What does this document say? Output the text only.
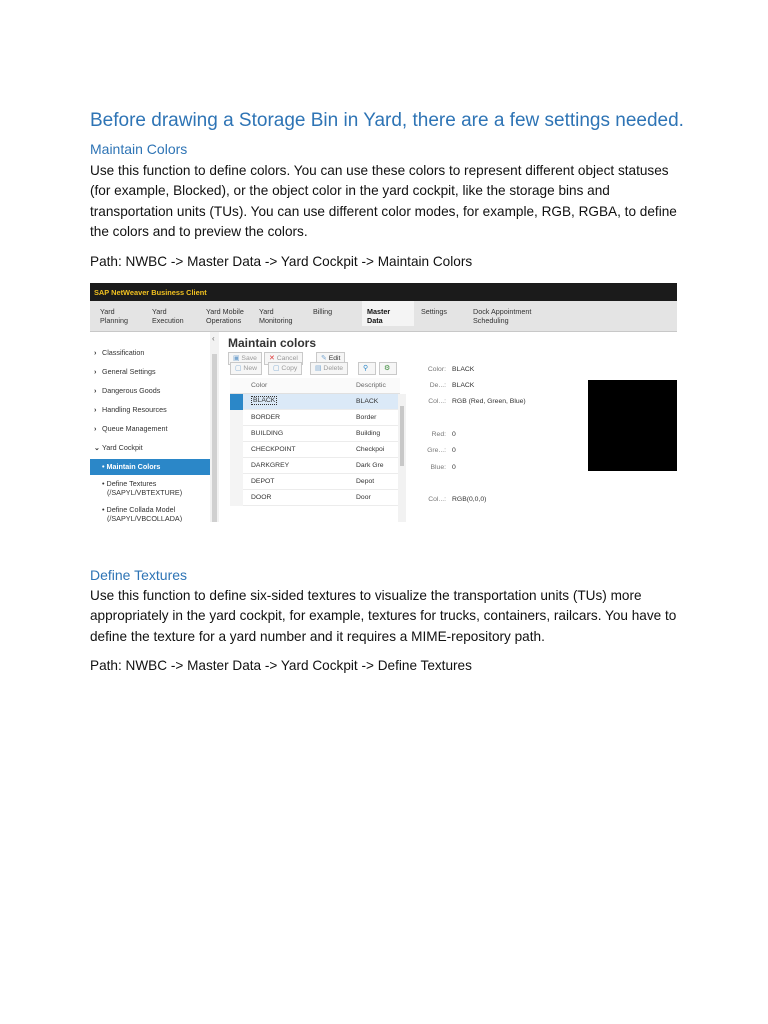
Before drawing a Storage Bin in Yard, there are a few settings needed.
Maintain Colors
Use this function to define colors. You can use these colors to represent different object statuses (for example, Blocked), or the object color in the yard cockpit, like the storage bins and transportation units (TUs). You can use different color modes, for example, RGB, RGBA, to define the colors and to preview the colors.
Path: NWBC -> Master Data -> Yard Cockpit -> Maintain Colors
SAP NetWeaver Business Client
Yard
Planning
Yard
Execution
Yard Mobile
Operations
Yard
Monitoring
Billing	Master
Data
Settings	Dock Appointment
Scheduling
› Classification
› General Settings
› Dangerous Goods
› Handling Resources
› Queue Management
⌄ Yard Cockpit
• Maintain Colors
• Define Textures
(/SAPYL/VBTEXTURE)
• Define Collada Model
(/SAPYL/VBCOLLADA)
‹ Maintain colors
▣ Save	✕ Cancel	✎ Edit
▢ New	▢ Copy	▤ Delete	⚲	⚙
Color	Descriptic
BLACK	BLACK
BORDER	Border
BUILDING	Building
CHECKPOINT	Checkpoi
DARKGREY	Dark Gre
DEPOT	Depot
DOOR	Door
Color: BLACK
De...: BLACK
Col...: RGB (Red, Green, Blue)
Red: 0
Gre...: 0
Blue: 0
Col...: RGB(0,0,0)
Define Textures
Use this function to define six-sided textures to visualize the transportation units (TUs) more appropriately in the yard cockpit, for example, textures for trucks, containers, railcars. You have to define the texture for a yard number and it requires a MIME-repository path.
Path: NWBC -> Master Data -> Yard Cockpit -> Define Textures
